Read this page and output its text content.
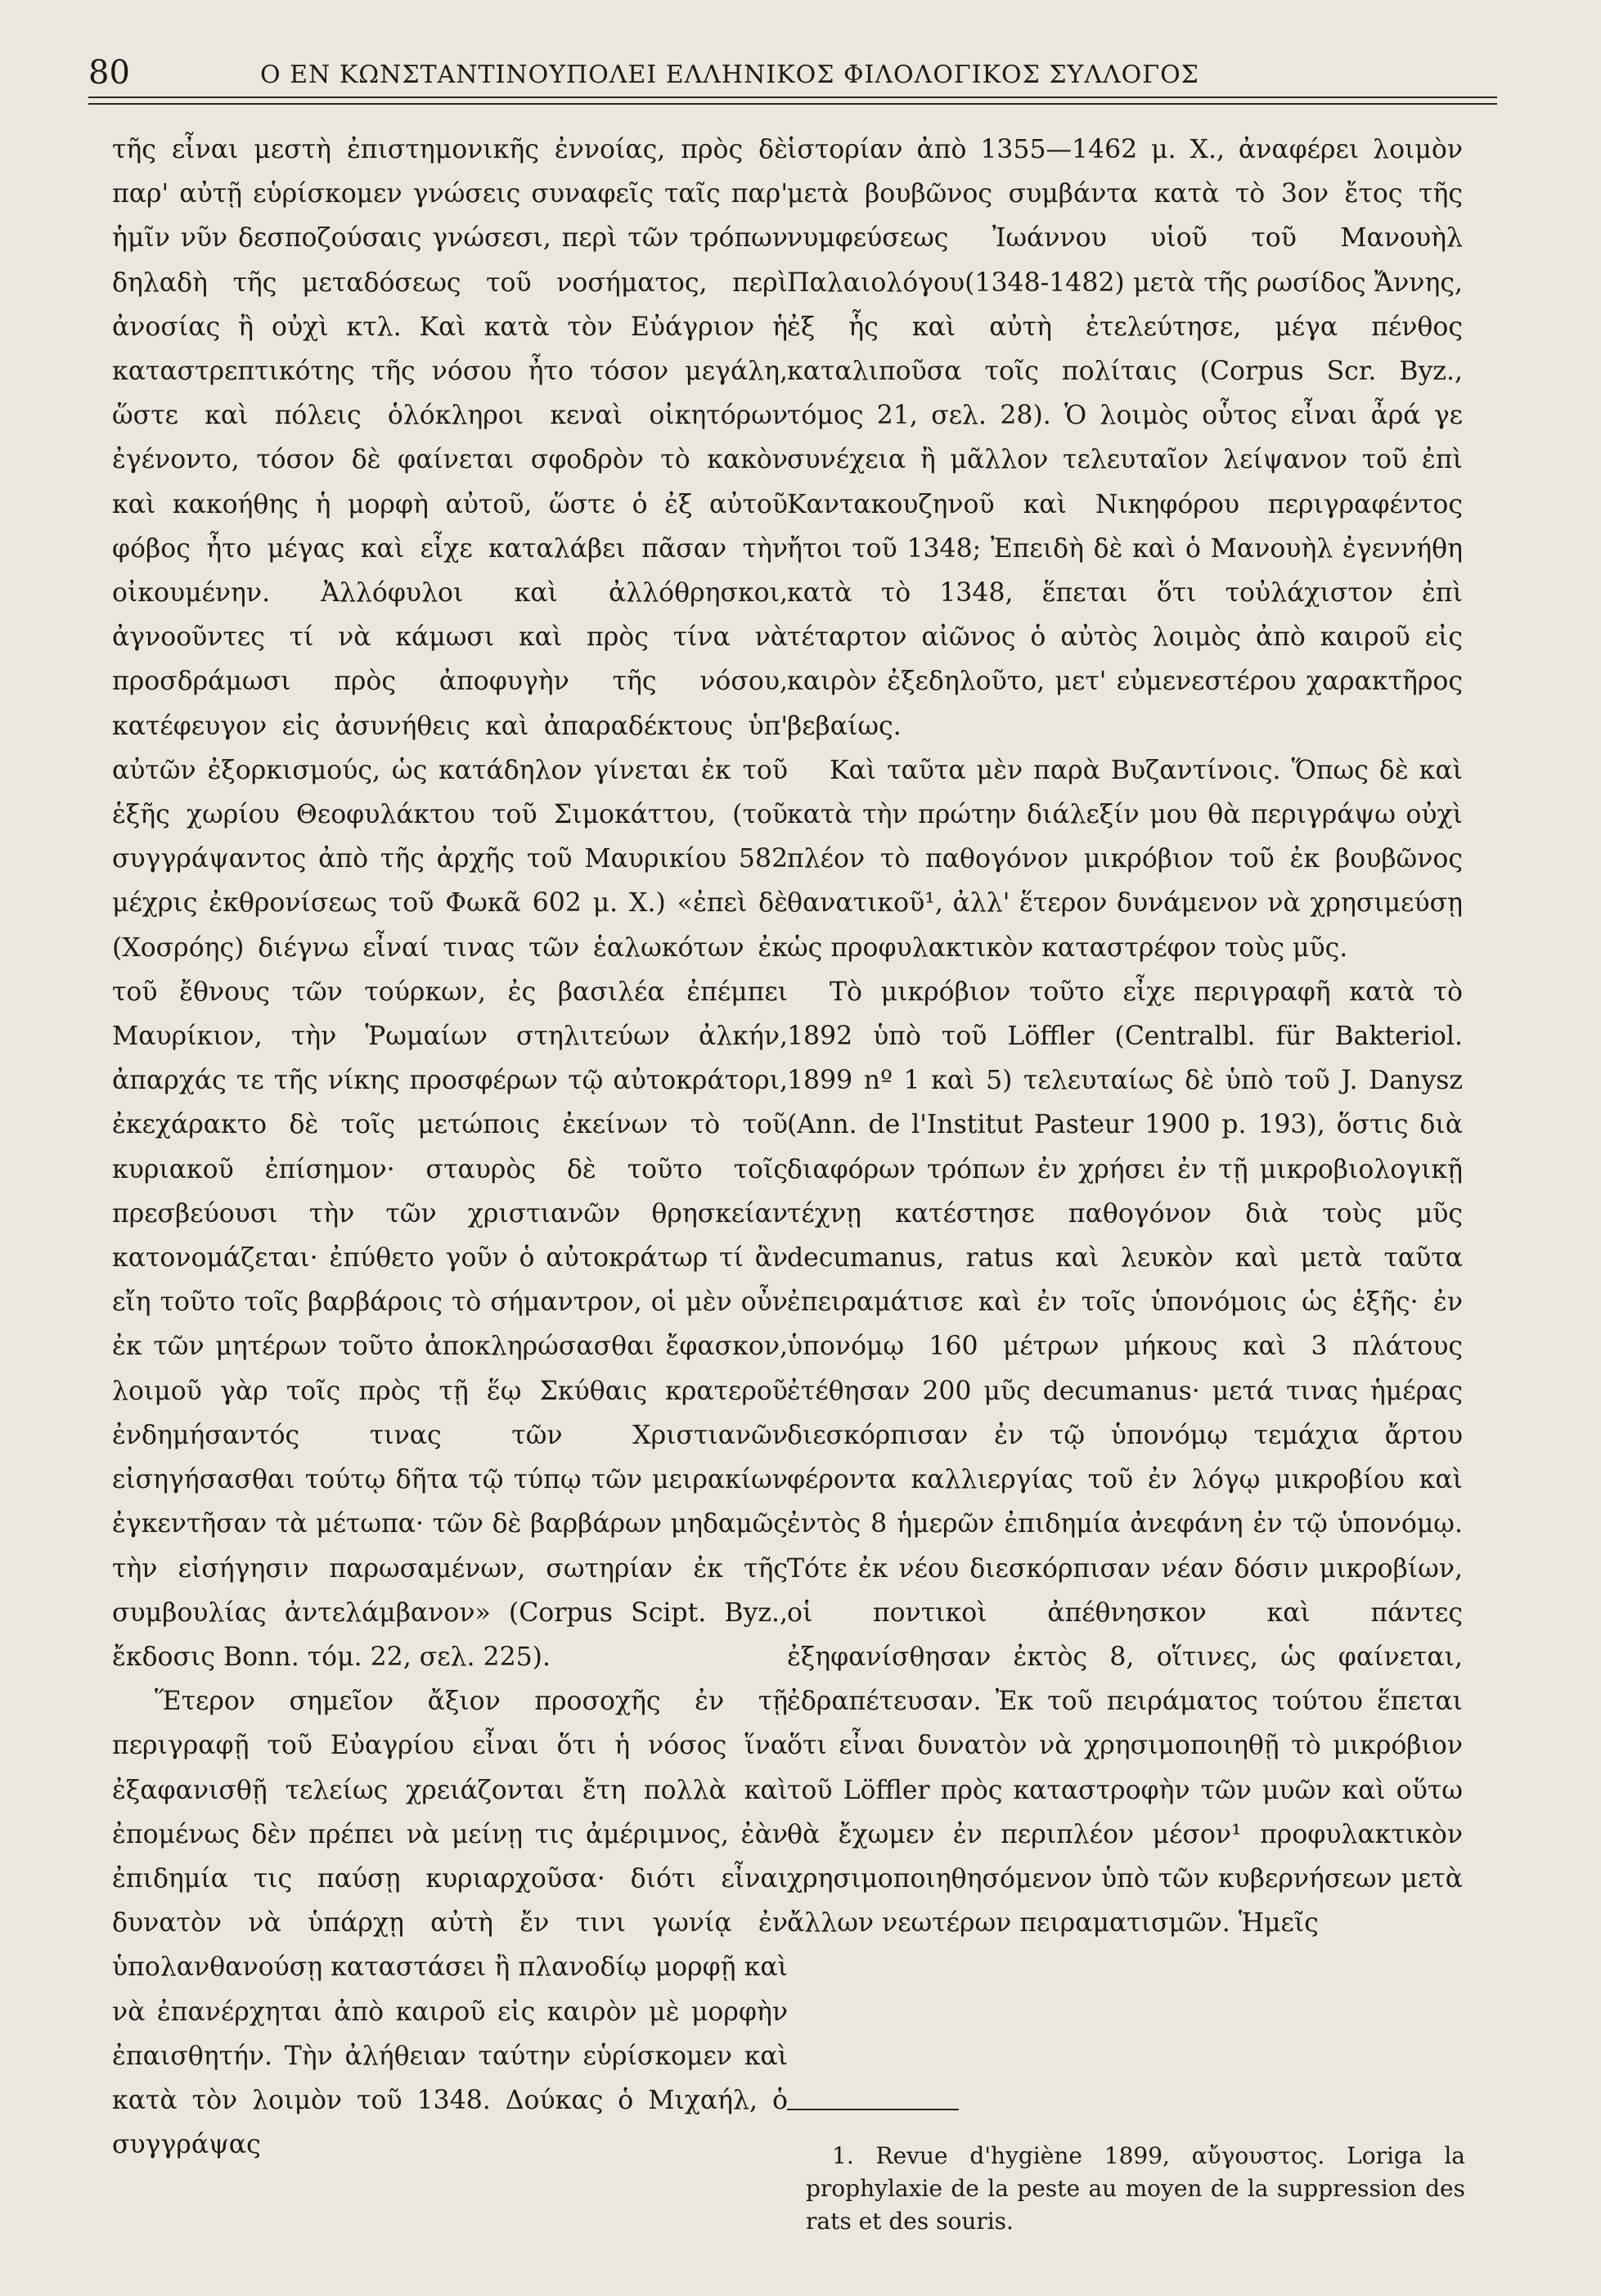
80	Ο ΕΝ ΚΩΝΣΤΑΝΤΙΝΟΥΠΟΛΕΙ ΕΛΛΗΝΙΚΟΣ ΦΙΛΟΛΟΓΙΚΟΣ ΣΥΛΛΟΓΟΣ

τῆς εἶναι μεστὴ ἐπιστημονικῆς ἐννοίας, πρὸς δὲ παρ' αὐτῇ εὑρίσκομεν γνώσεις συναφεῖς ταῖς παρ' ἡμῖν νῦν δεσποζούσαις γνώσεσι, περὶ τῶν τρόπων δηλαδὴ τῆς μεταδόσεως τοῦ νοσήματος, περὶ ἀνοσίας ἢ οὐχὶ κτλ. Καὶ κατὰ τὸν Εὐάγριον ἡ καταστρεπτικότης τῆς νόσου ἦτο τόσον μεγάλη, ὥστε καὶ πόλεις ὁλόκληροι κεναὶ οἰκητόρων ἐγένοντο, τόσον δὲ φαίνεται σφοδρὸν τὸ κακὸν καὶ κακοήθης ἡ μορφὴ αὐτοῦ, ὥστε ὁ ἐξ αὐτοῦ φόβος ἦτο μέγας καὶ εἶχε καταλάβει πᾶσαν τὴν οἰκουμένην. Ἀλλόφυλοι καὶ ἀλλόθρησκοι, ἀγνοοῦντες τί νὰ κάμωσι καὶ πρὸς τίνα νὰ προσδράμωσι πρὸς ἀποφυγὴν τῆς νόσου, κατέφευγον εἰς ἀσυνήθεις καὶ ἀπαραδέκτους ὑπ' αὐτῶν ἐξορκισμούς, ὡς κατάδηλον γίνεται ἐκ τοῦ ἑξῆς χωρίου Θεοφυλάκτου τοῦ Σιμοκάττου, (τοῦ συγγράψαντος ἀπὸ τῆς ἀρχῆς τοῦ Μαυρικίου 582 μέχρις ἐκθρονίσεως τοῦ Φωκᾶ 602 μ. Χ.) «ἐπεὶ δὲ (Χοσρόης) διέγνω εἶναί τινας τῶν ἑαλωκότων ἐκ τοῦ ἔθνους τῶν τούρκων, ἐς βασιλέα ἐπέμπει Μαυρίκιον, τὴν Ῥωμαίων στηλιτεύων ἀλκήν, ἀπαρχάς τε τῆς νίκης προσφέρων τῷ αὐτοκράτορι, ἐκεχάρακτο δὲ τοῖς μετώποις ἐκείνων τὸ τοῦ κυριακοῦ ἐπίσημον· σταυρὸς δὲ τοῦτο τοῖς πρεσβεύουσι τὴν τῶν χριστιανῶν θρησκείαν κατονομάζεται· ἐπύθετο γοῦν ὁ αὐτοκράτωρ τί ἂν εἴη τοῦτο τοῖς βαρβάροις τὸ σήμαντρον, οἱ μὲν οὖν ἐκ τῶν μητέρων τοῦτο ἀποκληρώσασθαι ἔφασκον, λοιμοῦ γὰρ τοῖς πρὸς τῇ ἕῳ Σκύθαις κρατεροῦ ἐνδημήσαντός τινας τῶν Χριστιανῶν εἰσηγήσασθαι τούτῳ δῆτα τῷ τύπῳ τῶν μειρακίων ἐγκεντῆσαν τὰ μέτωπα· τῶν δὲ βαρβάρων μηδαμῶς τὴν εἰσήγησιν παρωσαμένων, σωτηρίαν ἐκ τῆς συμβουλίας ἀντελάμβανον» (Corpus Scipt. Byz., ἔκδοσις Bonn. τόμ. 22, σελ. 225).

Ἕτερον σημεῖον ἄξιον προσοχῆς ἐν τῇ περιγραφῇ τοῦ Εὐαγρίου εἶναι ὅτι ἡ νόσος ἵνα ἐξαφανισθῇ τελείως χρειάζονται ἔτη πολλὰ καὶ ἐπομένως δὲν πρέπει νὰ μείνῃ τις ἀμέριμνος, ἐὰν ἐπιδημία τις παύσῃ κυριαρχοῦσα· διότι εἶναι δυνατὸν νὰ ὑπάρχῃ αὐτὴ ἔν τινι γωνίᾳ ἐν ὑπολανθανούσῃ καταστάσει ἢ πλανοδίῳ μορφῇ καὶ νὰ ἐπανέρχηται ἀπὸ καιροῦ εἰς καιρὸν μὲ μορφὴν ἐπαισθητήν. Τὴν ἀλήθειαν ταύτην εὑρίσκομεν καὶ κατὰ τὸν λοιμὸν τοῦ 1348. Δούκας ὁ Μιχαήλ, ὁ συγγράψας

ἱστορίαν ἀπὸ 1355—1462 μ. Χ., ἀναφέρει λοιμὸν μετὰ βουβῶνος συμβάντα κατὰ τὸ 3ον ἔτος τῆς νυμφεύσεως Ἰωάννου υἱοῦ τοῦ Μανουὴλ Παλαιολόγου(1348-1482) μετὰ τῆς ρωσίδος Ἄννης, ἐξ ἧς καὶ αὐτὴ ἐτελεύτησε, μέγα πένθος καταλιποῦσα τοῖς πολίταις (Corpus Scr. Byz., τόμος 21, σελ. 28). Ὁ λοιμὸς οὗτος εἶναι ἆρά γε συνέχεια ἢ μᾶλλον τελευταῖον λείψανον τοῦ ἐπὶ Καντακουζηνοῦ καὶ Νικηφόρου περιγραφέντος ἤτοι τοῦ 1348; Ἐπειδὴ δὲ καὶ ὁ Μανουὴλ ἐγεννήθη κατὰ τὸ 1348, ἕπεται ὅτι τοὐλάχιστον ἐπὶ τέταρτον αἰῶνος ὁ αὐτὸς λοιμὸς ἀπὸ καιροῦ εἰς καιρὸν ἐξεδηλοῦτο, μετ' εὐμενεστέρου χαρακτῆρος βεβαίως.

Καὶ ταῦτα μὲν παρὰ Βυζαντίνοις. Ὅπως δὲ καὶ κατὰ τὴν πρώτην διάλεξίν μου θὰ περιγράψω οὐχὶ πλέον τὸ παθογόνον μικρόβιον τοῦ ἐκ βουβῶνος θανατικοῦ¹, ἀλλ' ἕτερον δυνάμενον νὰ χρησιμεύσῃ ὡς προφυλακτικὸν καταστρέφον τοὺς μῦς.

Τὸ μικρόβιον τοῦτο εἶχε περιγραφῆ κατὰ τὸ 1892 ὑπὸ τοῦ Löffler (Centralbl. für Bakteriol. 1899 nº 1 καὶ 5) τελευταίως δὲ ὑπὸ τοῦ J. Danysz (Ann. de l'Institut Pasteur 1900 p. 193), ὅστις διὰ διαφόρων τρόπων ἐν χρήσει ἐν τῇ μικροβιολογικῇ τέχνῃ κατέστησε παθογόνον διὰ τοὺς μῦς decumanus, ratus καὶ λευκὸν καὶ μετὰ ταῦτα ἐπειραμάτισε καὶ ἐν τοῖς ὑπονόμοις ὡς ἑξῆς· ἐν ὑπονόμῳ 160 μέτρων μήκους καὶ 3 πλάτους ἐτέθησαν 200 μῦς decumanus· μετά τινας ἡμέρας διεσκόρπισαν ἐν τῷ ὑπονόμῳ τεμάχια ἄρτου φέροντα καλλιεργίας τοῦ ἐν λόγῳ μικροβίου καὶ ἐντὸς 8 ἡμερῶν ἐπιδημία ἀνεφάνη ἐν τῷ ὑπονόμῳ. Τότε ἐκ νέου διεσκόρπισαν νέαν δόσιν μικροβίων, οἱ ποντικοὶ ἀπέθνησκον καὶ πάντες ἐξηφανίσθησαν ἐκτὸς 8, οἵτινες, ὡς φαίνεται, ἐδραπέτευσαν. Ἐκ τοῦ πειράματος τούτου ἕπεται ὅτι εἶναι δυνατὸν νὰ χρησιμοποιηθῇ τὸ μικρόβιον τοῦ Löffler πρὸς καταστροφὴν τῶν μυῶν καὶ οὕτω θὰ ἔχωμεν ἐν περιπλέον μέσον¹ προφυλακτικὸν χρησιμοποιηθησόμενον ὑπὸ τῶν κυβερνήσεων μετὰ ἄλλων νεωτέρων πειραματισμῶν. Ἡμεῖς

1. Revue d'hygiène 1899, αὔγουστος. Loriga la prophylaxie de la peste au moyen de la suppression des rats et des souris.
